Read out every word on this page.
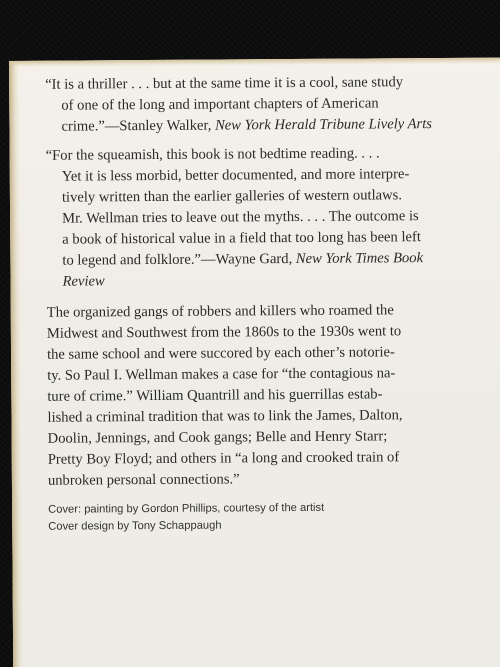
“It is a thriller . . . but at the same time it is a cool, sane study
of one of the long and important chapters of American
crime.”—Stanley Walker, New York Herald Tribune Lively Arts

“For the squeamish, this book is not bedtime reading. . . .
Yet it is less morbid, better documented, and more interpre-
tively written than the earlier galleries of western outlaws.
Mr. Wellman tries to leave out the myths. . . . The outcome is
a book of historical value in a field that too long has been left
to legend and folklore.”—Wayne Gard, New York Times Book
Review

The organized gangs of robbers and killers who roamed the
Midwest and Southwest from the 1860s to the 1930s went to
the same school and were succored by each other’s notorie-
ty. So Paul I. Wellman makes a case for “the contagious na-
ture of crime.” William Quantrill and his guerrillas estab-
lished a criminal tradition that was to link the James, Dalton,
Doolin, Jennings, and Cook gangs; Belle and Henry Starr;
Pretty Boy Floyd; and others in “a long and crooked train of
unbroken personal connections.”

Cover: painting by Gordon Phillips, courtesy of the artist
Cover design by Tony Schappaugh
